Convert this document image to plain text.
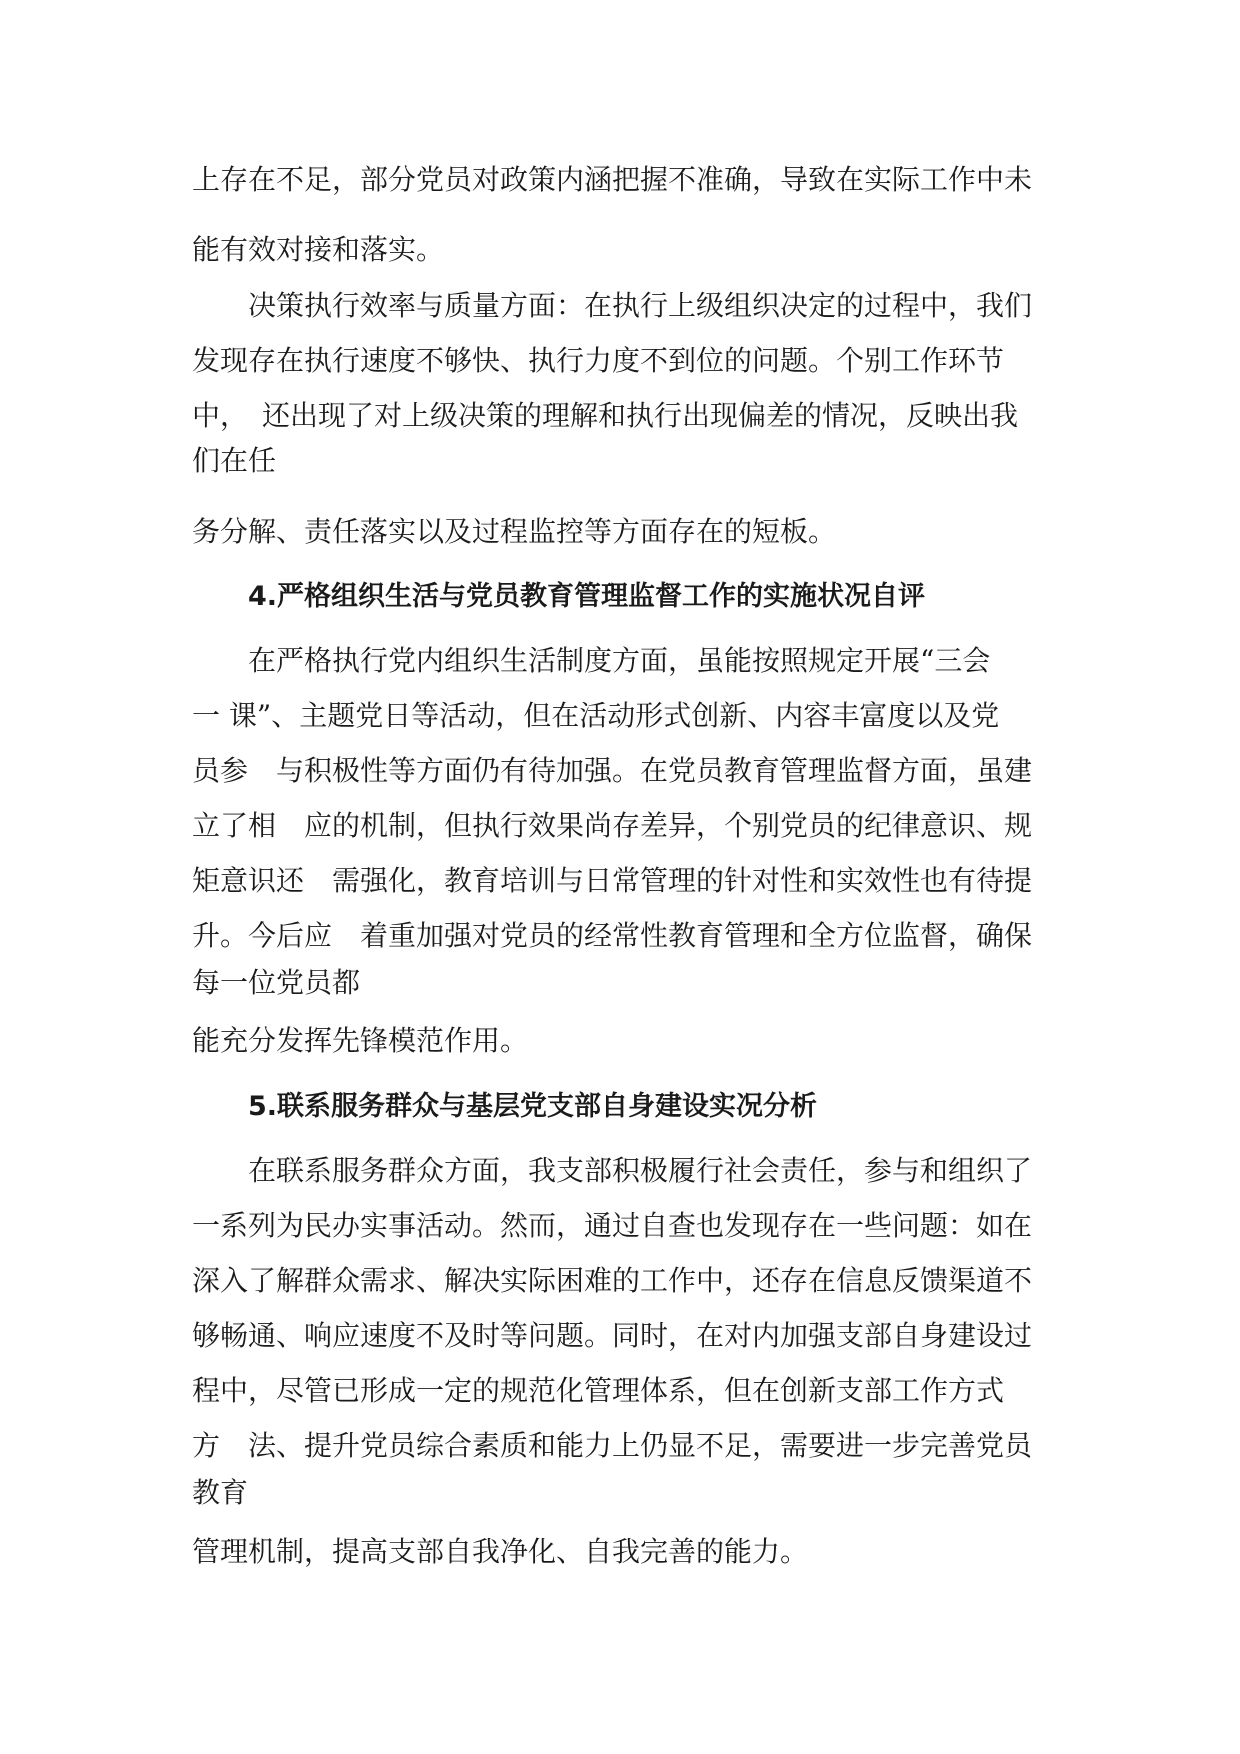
上存在不足，部分党员对政策内涵把握不准确，导致在实际工作中未
能有效对接和落实。
决策执行效率与质量方面：在执行上级组织决定的过程中，我们
发现存在执行速度不够快、执行力度不到位的问题。个别工作环节
中，　还出现了对上级决策的理解和执行出现偏差的情况，反映出我
们在任
务分解、责任落实以及过程监控等方面存在的短板。
4.严格组织生活与党员教育管理监督工作的实施状况自评
在严格执行党内组织生活制度方面，虽能按照规定开展“三会
一 课”、主题党日等活动，但在活动形式创新、内容丰富度以及党
员参　与积极性等方面仍有待加强。在党员教育管理监督方面，虽建
立了相　应的机制，但执行效果尚存差异，个别党员的纪律意识、规
矩意识还　需强化，教育培训与日常管理的针对性和实效性也有待提
升。今后应　着重加强对党员的经常性教育管理和全方位监督，确保
每一位党员都
能充分发挥先锋模范作用。
5.联系服务群众与基层党支部自身建设实况分析
在联系服务群众方面，我支部积极履行社会责任，参与和组织了
一系列为民办实事活动。然而，通过自查也发现存在一些问题：如在
深入了解群众需求、解决实际困难的工作中，还存在信息反馈渠道不
够畅通、响应速度不及时等问题。同时，在对内加强支部自身建设过
程中，尽管已形成一定的规范化管理体系，但在创新支部工作方式
方　法、提升党员综合素质和能力上仍显不足，需要进一步完善党员
教育
管理机制，提高支部自我净化、自我完善的能力。
